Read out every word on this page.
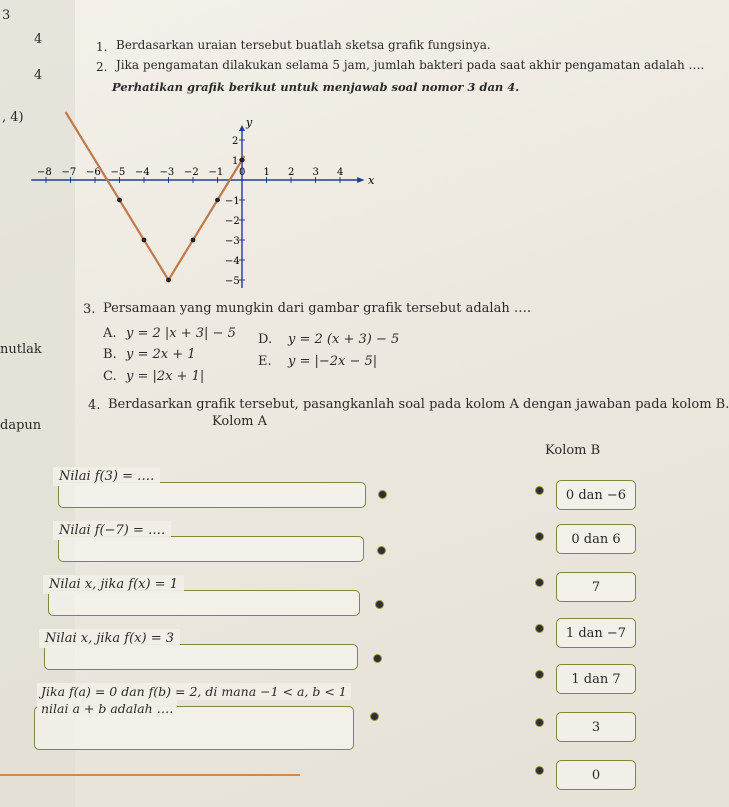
3
4
4
, 4)
nutlak
dapun
1. Berdasarkan uraian tersebut buatlah sketsa grafik fungsinya.
2. Jika pengamatan dilakukan selama 5 jam, jumlah bakteri pada saat akhir pengamatan adalah ….
Perhatikan grafik berikut untuk menjawab soal nomor 3 dan 4.
x
y
−8 −7 −6 −5 −4 −3 −2 −1 0 1 2 3 4
2
1
−1
−2
−3
−4
−5
3. Persamaan yang mungkin dari gambar grafik tersebut adalah ….
A. y = 2 |x + 3| − 5
B. y = 2x + 1
C. y = |2x + 1|
D. y = 2 (x + 3) − 5
E. y = |−2x − 5|
4. Berdasarkan grafik tersebut, pasangkanlah soal pada kolom A dengan jawaban pada kolom B.
Kolom A
Kolom B
Nilai f(3) = ….
Nilai f(−7) = ….
Nilai x, jika f(x) = 1
Nilai x, jika f(x) = 3
Jika f(a) = 0 dan f(b) = 2, di mana −1 < a, b < 1
nilai a + b adalah ….
0 dan −6
0 dan 6
7
1 dan −7
1 dan 7
3
0
